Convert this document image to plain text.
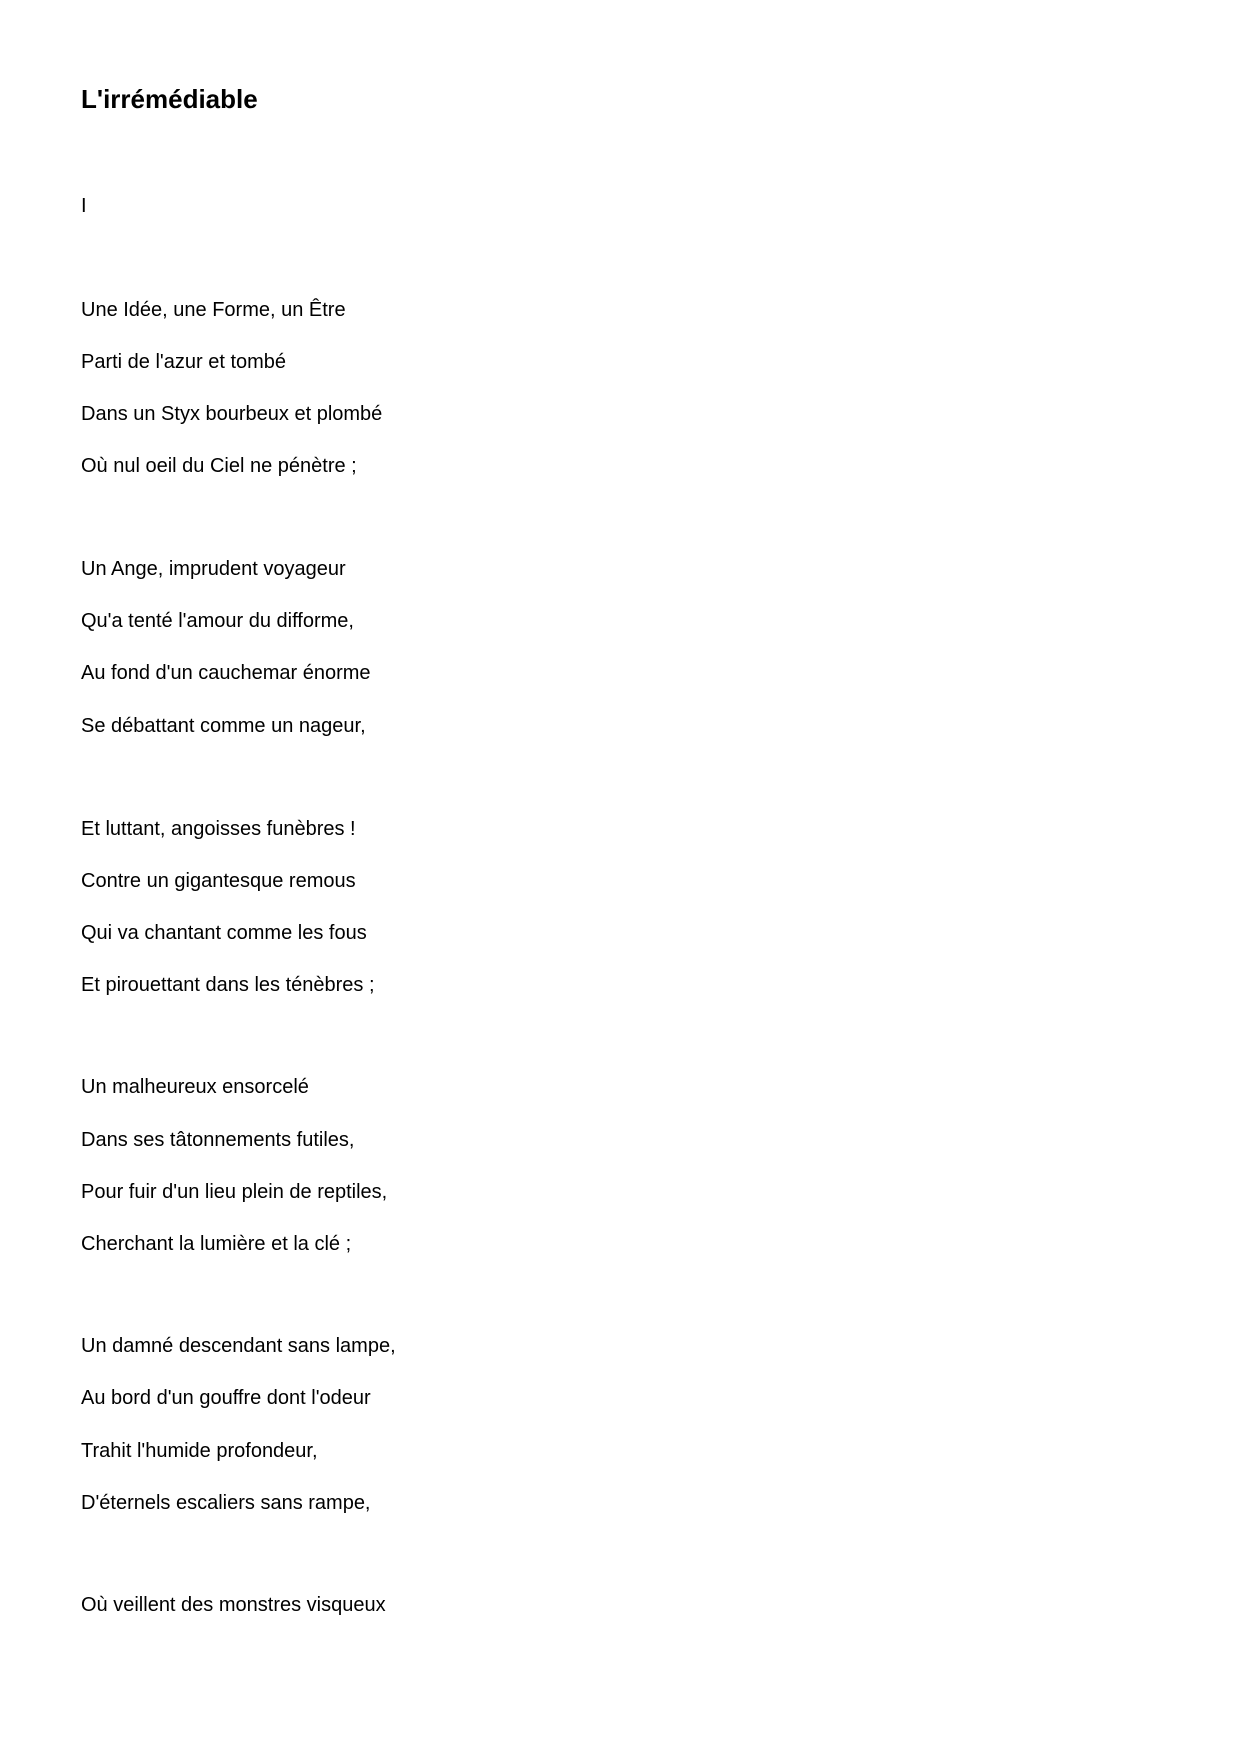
L'irrémédiable
I
Une Idée, une Forme, un Être
Parti de l'azur et tombé
Dans un Styx bourbeux et plombé
Où nul oeil du Ciel ne pénètre ;
Un Ange, imprudent voyageur
Qu'a tenté l'amour du difforme,
Au fond d'un cauchemar énorme
Se débattant comme un nageur,
Et luttant, angoisses funèbres !
Contre un gigantesque remous
Qui va chantant comme les fous
Et pirouettant dans les ténèbres ;
Un malheureux ensorcelé
Dans ses tâtonnements futiles,
Pour fuir d'un lieu plein de reptiles,
Cherchant la lumière et la clé ;
Un damné descendant sans lampe,
Au bord d'un gouffre dont l'odeur
Trahit l'humide profondeur,
D'éternels escaliers sans rampe,
Où veillent des monstres visqueux
